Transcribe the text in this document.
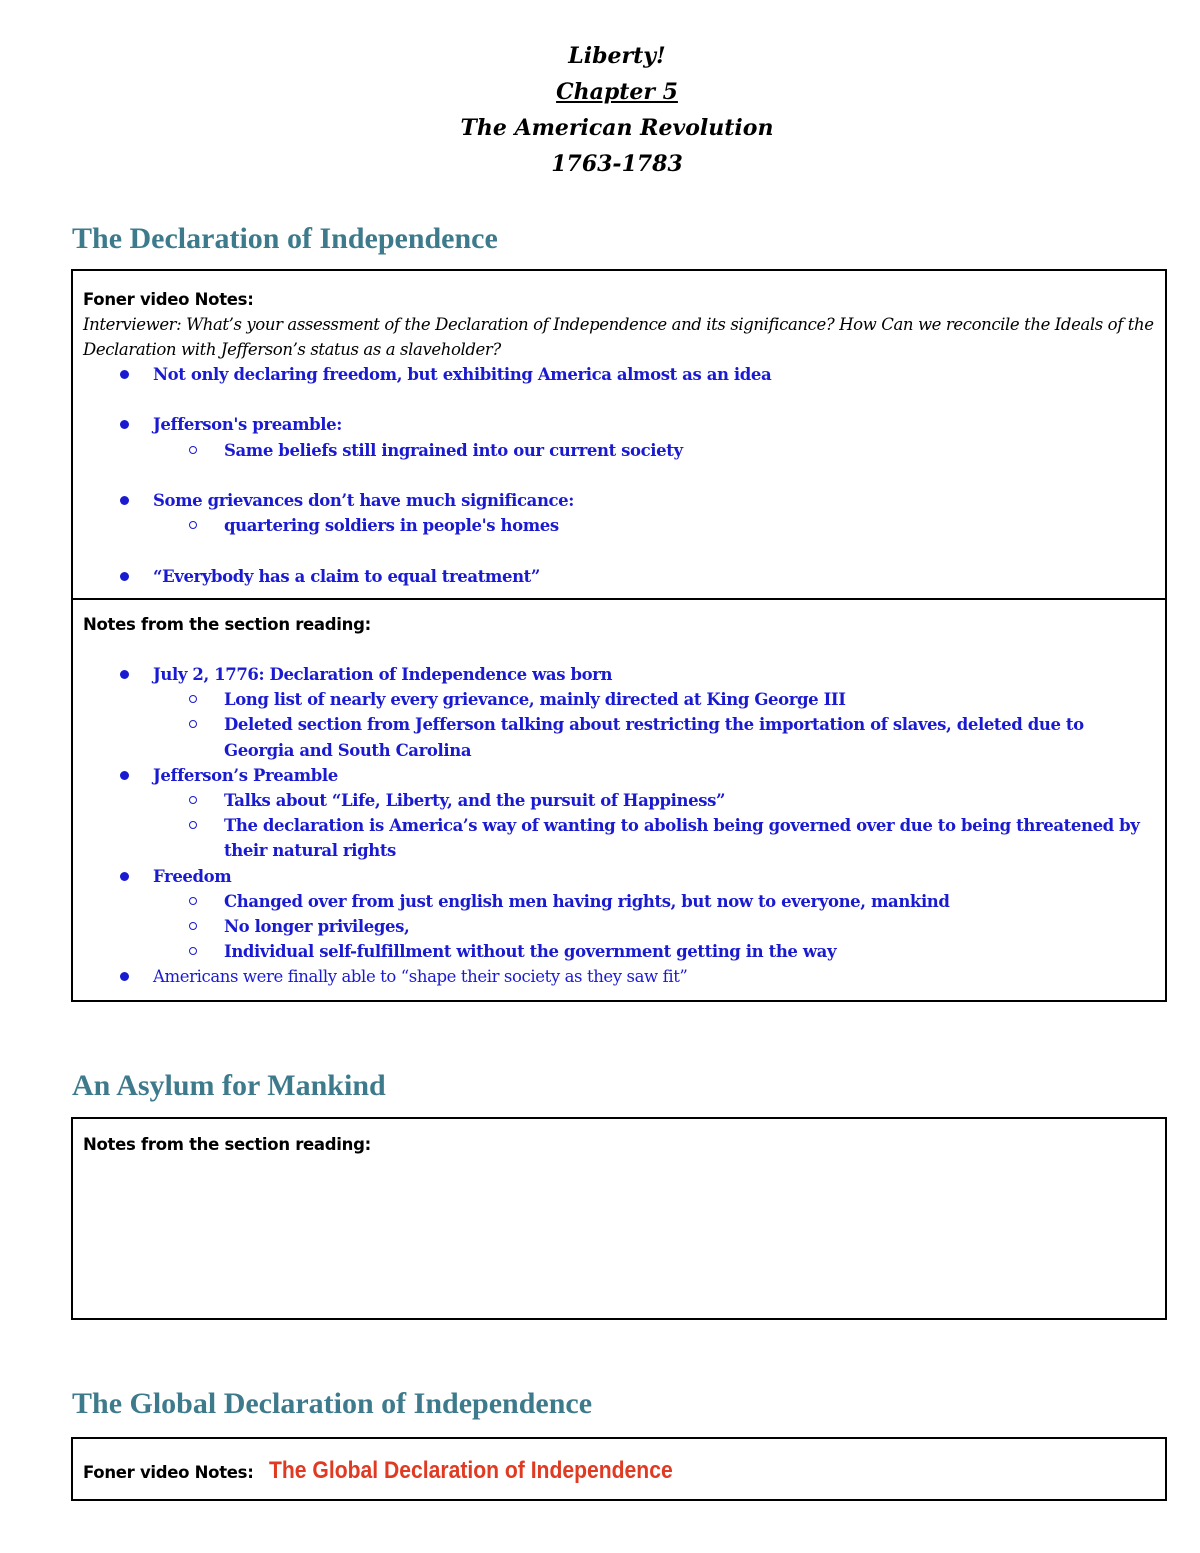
Liberty!
Chapter 5
The American Revolution
1763-1783
The Declaration of Independence
Foner video Notes:
Interviewer: What’s your assessment of the Declaration of Independence and its significance? How Can we reconcile the Ideals of the Declaration with Jefferson’s status as a slaveholder?
Not only declaring freedom, but exhibiting America almost as an idea
Jefferson's preamble:
Same beliefs still ingrained into our current society
Some grievances don’t have much significance:
quartering soldiers in people's homes
“Everybody has a claim to equal treatment”
Notes from the section reading:
July 2, 1776: Declaration of Independence was born
Long list of nearly every grievance, mainly directed at King George III
Deleted section from Jefferson talking about restricting the importation of slaves, deleted due to Georgia and South Carolina
Jefferson’s Preamble
Talks about “Life, Liberty, and the pursuit of Happiness”
The declaration is America’s way of wanting to abolish being governed over due to being threatened by their natural rights
Freedom
Changed over from just english men having rights, but now to everyone, mankind
No longer privileges,
Individual self-fulfillment without the government getting in the way
Americans were finally able to “shape their society as they saw fit”
An Asylum for Mankind
Notes from the section reading:
The Global Declaration of Independence
Foner video Notes: The Global Declaration of Independence
